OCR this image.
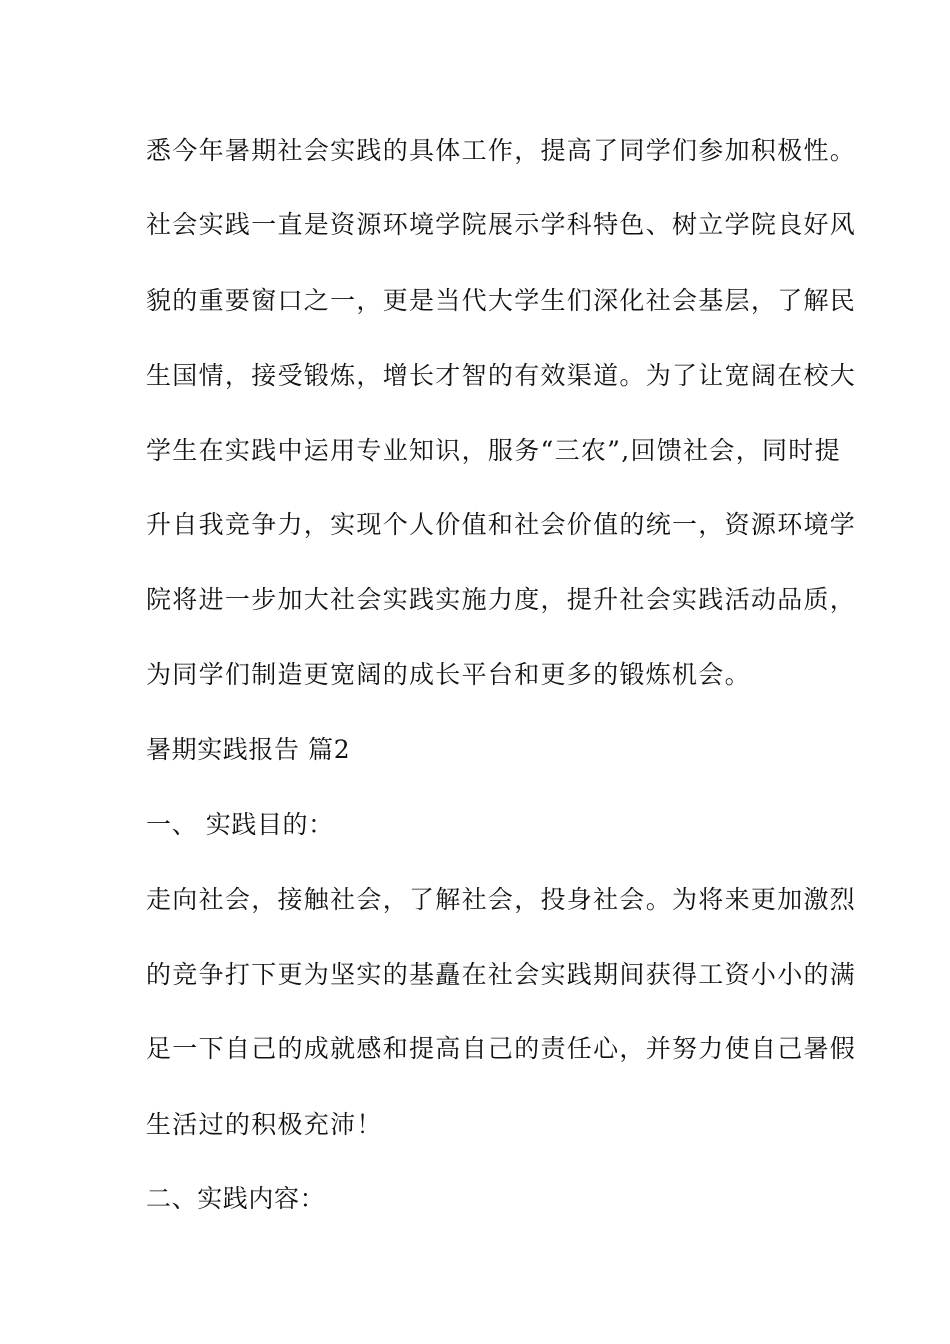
悉今年暑期社会实践的具体工作，提高了同学们参加积极性。
社会实践一直是资源环境学院展示学科特色、树立学院良好风
貌的重要窗口之一，更是当代大学生们深化社会基层，了解民
生国情，接受锻炼，增长才智的有效渠道。为了让宽阔在校大
学生在实践中运用专业知识，服务“三农”,回馈社会，同时提
升自我竞争力，实现个人价值和社会价值的统一，资源环境学
院将进一步加大社会实践实施力度，提升社会实践活动品质，
为同学们制造更宽阔的成长平台和更多的锻炼机会。
暑期实践报告 篇2
一、 实践目的：
走向社会，接触社会，了解社会，投身社会。为将来更加激烈
的竞争打下更为坚实的基矗在社会实践期间获得工资小小的满
足一下自己的成就感和提高自己的责任心，并努力使自己暑假
生活过的积极充沛！
二、实践内容：
